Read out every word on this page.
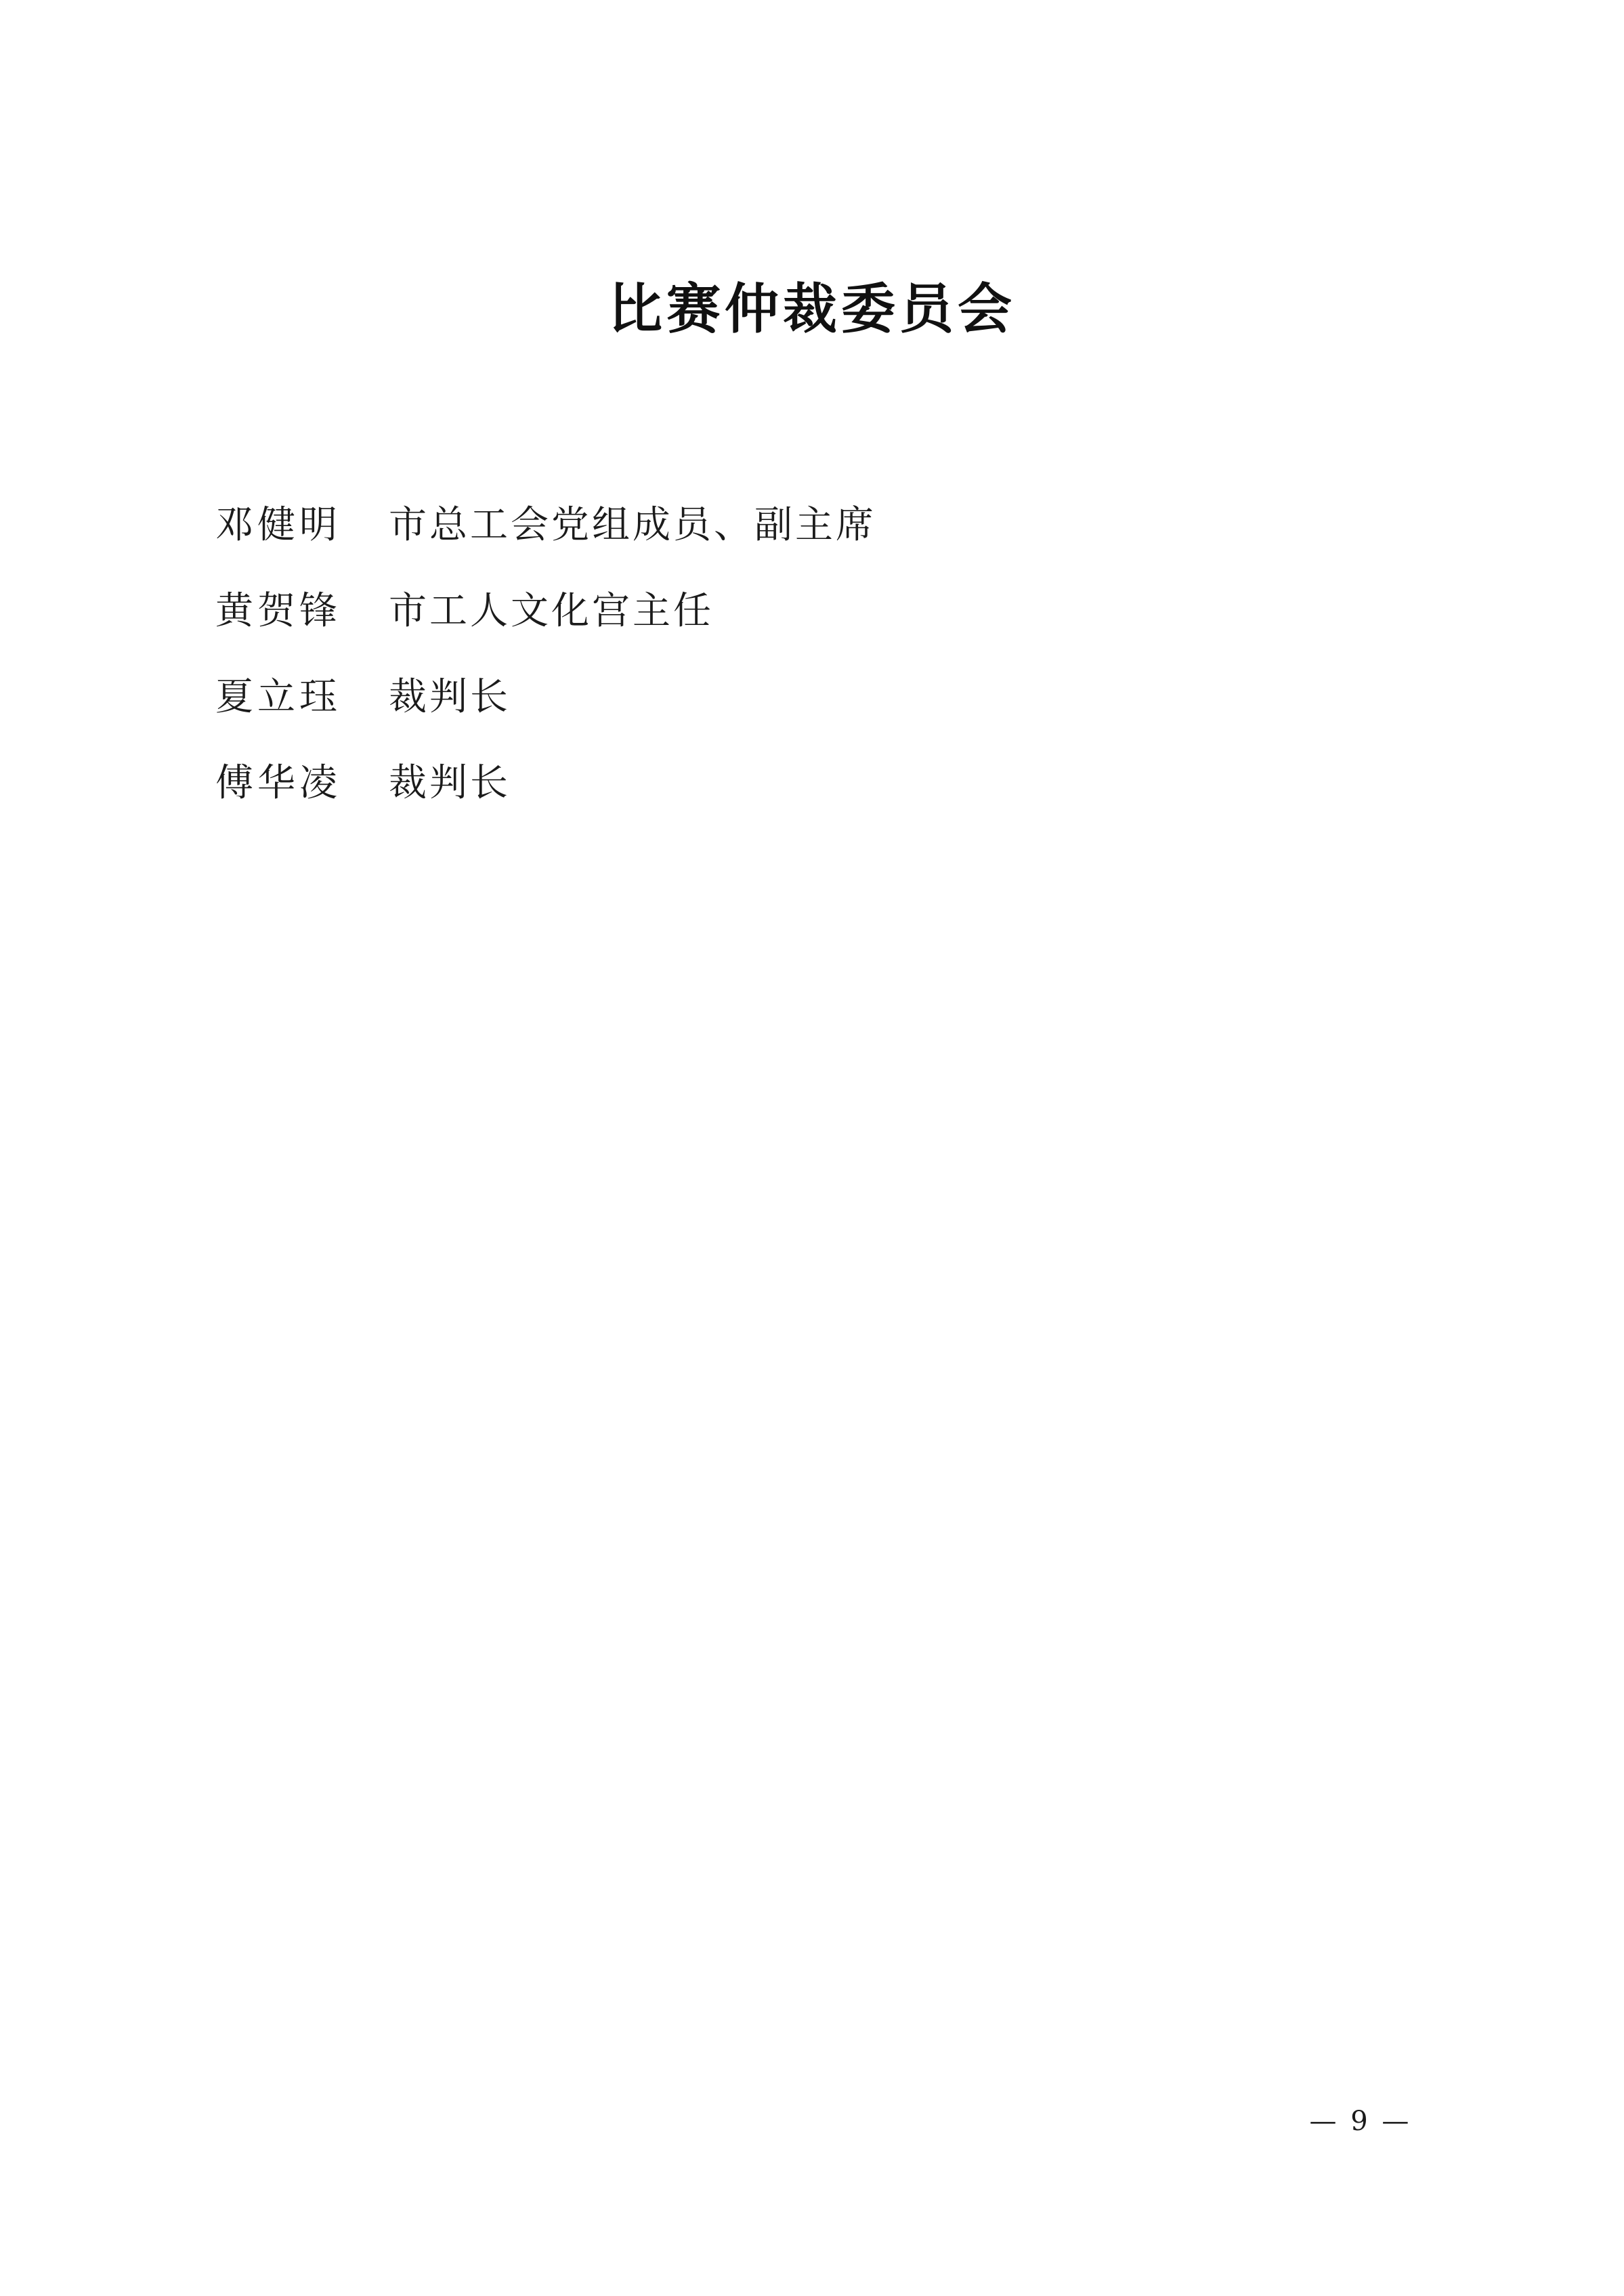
比赛仲裁委员会
邓健明	市总工会党组成员、副主席
黄贺锋	市工人文化宫主任
夏立珏	裁判长
傅华凌	裁判长
— 9 —
